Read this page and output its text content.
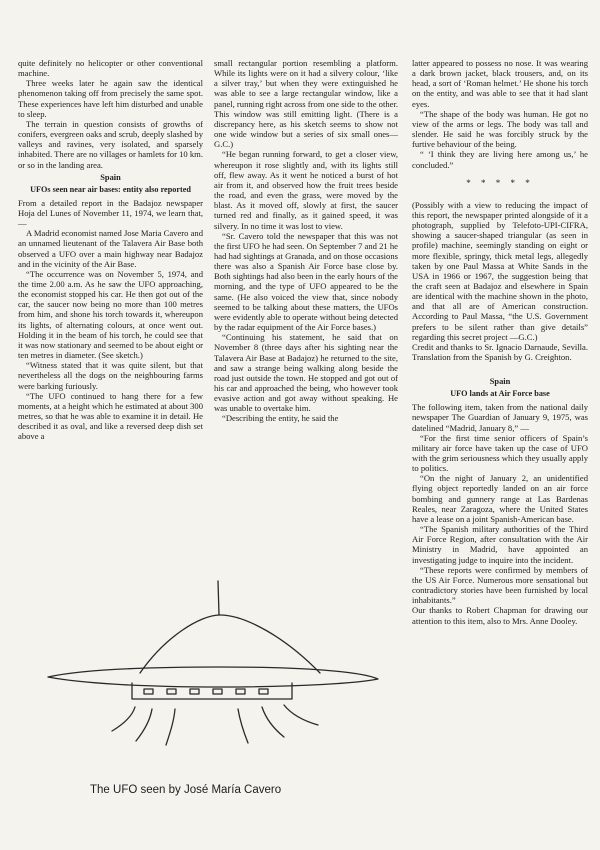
quite definitely no helicopter or other conventional machine.

Three weeks later he again saw the identical phenomenon taking off from precisely the same spot. These experiences have left him disturbed and unable to sleep.

The terrain in question consists of growths of conifers, evergreen oaks and scrub, deeply slashed by valleys and ravines, very isolated, and sparsely inhabited. There are no villages or hamlets for 10 km. or so in the landing area.

Spain
UFOs seen near air bases: entity also reported

From a detailed report in the Badajoz newspaper Hoja del Lunes of November 11, 1974, we learn that,—

A Madrid economist named Jose Maria Cavero and an unnamed lieutenant of the Talavera Air Base both observed a UFO over a main highway near Badajoz and in the vicinity of the Air Base.

“The occurrence was on November 5, 1974, and the time 2.00 a.m. As he saw the UFO approaching, the economist stopped his car. He then got out of the car, the saucer now being no more than 100 metres from him, and shone his torch towards it, whereupon its lights, of alternating colours, at once went out. Holding it in the beam of his torch, he could see that it was now stationary and seemed to be about eight or ten metres in diameter. (See sketch.)

“Witness stated that it was quite silent, but that nevertheless all the dogs on the neighbouring farms were barking furiously.

“The UFO continued to hang there for a few moments, at a height which he estimated at about 300 metres, so that he was able to examine it in detail. He described it as oval, and like a reversed deep dish set above a

small rectangular portion resembling a platform. While its lights were on it had a silvery colour, ‘like a silver tray,’ but when they were extinguished he was able to see a large rectangular window, like a panel, running right across from one side to the other. This window was still emitting light. (There is a discrepancy here, as his sketch seems to show not one wide window but a series of six small ones—G.C.)

“He began running forward, to get a closer view, whereupon it rose slightly and, with its lights still off, flew away. As it went he noticed a burst of hot air from it, and observed how the fruit trees beside the road, and even the grass, were moved by the blast. As it moved off, slowly at first, the saucer turned red and finally, as it gained speed, it was silvery. In no time it was lost to view.

“Sr. Cavero told the newspaper that this was not the first UFO he had seen. On September 7 and 21 he had had sightings at Granada, and on those occasions there was also a Spanish Air Force base close by. Both sightings had also been in the early hours of the morning, and the type of UFO appeared to be the same. (He also voiced the view that, since nobody seemed to be talking about these matters, the UFOs were evidently able to operate without being detected by the radar equipment of the Air Force bases.)

“Continuing his statement, he said that on November 8 (three days after his sighting near the Talavera Air Base at Badajoz) he returned to the site, and saw a strange being walking along beside the road just outside the town. He stopped and got out of his car and approached the being, who however took evasive action and got away without speaking. He was unable to overtake him.

“Describing the entity, he said the

latter appeared to possess no nose. It was wearing a dark brown jacket, black trousers, and, on its head, a sort of ‘Roman helmet.’ He shone his torch on the entity, and was able to see that it had slant eyes.

“The shape of the body was human. He got no view of the arms or legs. The body was tall and slender. He said he was forcibly struck by the furtive behaviour of the being.

“ ‘I think they are living here among us,’ he concluded.”

* * * * *

(Possibly with a view to reducing the impact of this report, the newspaper printed alongside of it a photograph, supplied by Telefoto-UPI-CIFRA, showing a saucer-shaped triangular (as seen in profile) machine, seemingly standing on eight or more flexible, springy, thick metal legs, allegedly taken by one Paul Massa at White Sands in the USA in 1966 or 1967, the suggestion being that the craft seen at Badajoz and elsewhere in Spain are identical with the machine shown in the photo, and that all are of American construction. According to Paul Massa, “the U.S. Government prefers to be silent rather than give details” regarding this secret project —G.C.)

Credit and thanks to Sr. Ignacio Darnaude, Sevilla. Translation from the Spanish by G. Creighton.

Spain
UFO lands at Air Force base

The following item, taken from the national daily newspaper The Guardian of January 9, 1975, was datelined “Madrid, January 8,” —

“For the first time senior officers of Spain’s military air force have taken up the case of UFO with the grim seriousness which they usually apply to politics.

“On the night of January 2, an unidentified flying object reportedly landed on an air force bombing and gunnery range at Las Bardenas Reales, near Zaragoza, where the United States have a lease on a joint Spanish-American base.

“The Spanish military authorities of the Third Air Force Region, after consultation with the Air Ministry in Madrid, have appointed an investigating judge to inquire into the incident.

“These reports were confirmed by members of the US Air Force. Numerous more sensational but contradictory stories have been furnished by local inhabitants.”

Our thanks to Robert Chapman for drawing our attention to this item, also to Mrs. Anne Dooley.

The UFO seen by José María Cavero
